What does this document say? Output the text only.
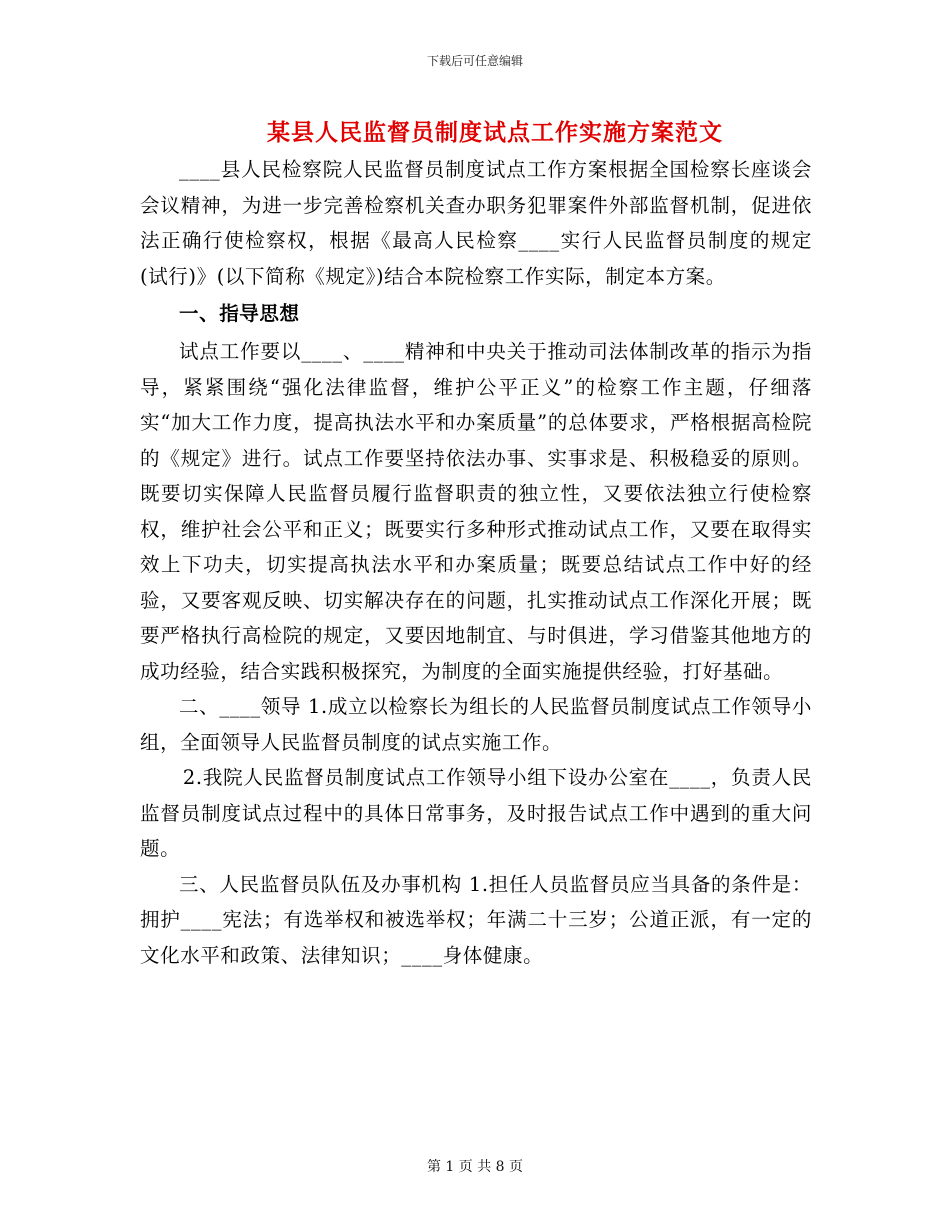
下载后可任意编辑
某县人民监督员制度试点工作实施方案范文

____县人民检察院人民监督员制度试点工作方案根据全国检察长座谈会会议精神，为进一步完善检察机关查办职务犯罪案件外部监督机制，促进依法正确行使检察权，根据《最高人民检察____实行人民监督员制度的规定(试行)》(以下简称《规定》)结合本院检察工作实际，制定本方案。

一、指导思想

试点工作要以____、____精神和中央关于推动司法体制改革的指示为指导，紧紧围绕“强化法律监督，维护公平正义”的检察工作主题，仔细落实“加大工作力度，提高执法水平和办案质量”的总体要求，严格根据高检院的《规定》进行。试点工作要坚持依法办事、实事求是、积极稳妥的原则。既要切实保障人民监督员履行监督职责的独立性，又要依法独立行使检察权，维护社会公平和正义；既要实行多种形式推动试点工作，又要在取得实效上下功夫，切实提高执法水平和办案质量；既要总结试点工作中好的经验，又要客观反映、切实解决存在的问题，扎实推动试点工作深化开展；既要严格执行高检院的规定，又要因地制宜、与时俱进，学习借鉴其他地方的成功经验，结合实践积极探究，为制度的全面实施提供经验，打好基础。

二、____领导 1.成立以检察长为组长的人民监督员制度试点工作领导小组，全面领导人民监督员制度的试点实施工作。

2.我院人民监督员制度试点工作领导小组下设办公室在____，负责人民监督员制度试点过程中的具体日常事务，及时报告试点工作中遇到的重大问题。

三、人民监督员队伍及办事机构 1.担任人员监督员应当具备的条件是：拥护____宪法；有选举权和被选举权；年满二十三岁；公道正派，有一定的文化水平和政策、法律知识；____身体健康。

第 1 页 共 8 页
